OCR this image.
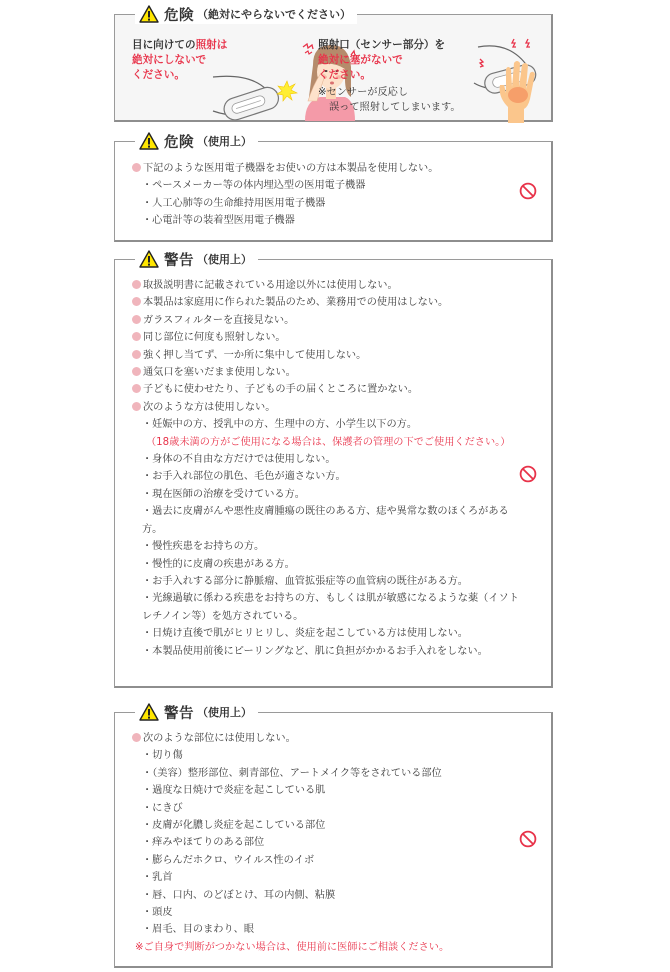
危険 （絶対にやらないでください）
目に向けての照射は
絶対にしないで
ください。
照射口（センサー部分）を
絶対に塞がないで
ください。
※センサーが反応し
誤って照射してしまいます。
危険 （使用上）
下記のような医用電子機器をお使いの方は本製品を使用しない。
・ペースメーカー等の体内埋込型の医用電子機器
・人工心肺等の生命維持用医用電子機器
・心電計等の装着型医用電子機器
警告 （使用上）
取扱説明書に記載されている用途以外には使用しない。
本製品は家庭用に作られた製品のため、業務用での使用はしない。
ガラスフィルターを直接見ない。
同じ部位に何度も照射しない。
強く押し当てず、一か所に集中して使用しない。
通気口を塞いだまま使用しない。
子どもに使わせたり、子どもの手の届くところに置かない。
次のような方は使用しない。
・妊娠中の方、授乳中の方、生理中の方、小学生以下の方。
（18歳未満の方がご使用になる場合は、保護者の管理の下でご使用ください。）
・身体の不自由な方だけでは使用しない。
・お手入れ部位の肌色、毛色が適さない方。
・現在医師の治療を受けている方。
・過去に皮膚がんや悪性皮膚腫瘍の既往のある方、痣や異常な数のほくろがある方。
・慢性疾患をお持ちの方。
・慢性的に皮膚の疾患がある方。
・お手入れする部分に静脈瘤、血管拡張症等の血管病の既往がある方。
・光線過敏に係わる疾患をお持ちの方、もしくは肌が敏感になるような薬（イソトレチノイン等）を処方されている。
・日焼け直後で肌がヒリヒリし、炎症を起こしている方は使用しない。
・本製品使用前後にピーリングなど、肌に負担がかかるお手入れをしない。
警告 （使用上）
次のような部位には使用しない。
・切り傷
・（美容）整形部位、刺青部位、アートメイク等をされている部位
・過度な日焼けで炎症を起こしている肌
・にきび
・皮膚が化膿し炎症を起こしている部位
・痒みやほてりのある部位
・膨らんだホクロ、ウイルス性のイボ
・乳首
・唇、口内、のどぼとけ、耳の内側、粘膜
・頭皮
・眉毛、目のまわり、眼
※ご自身で判断がつかない場合は、使用前に医師にご相談ください。
